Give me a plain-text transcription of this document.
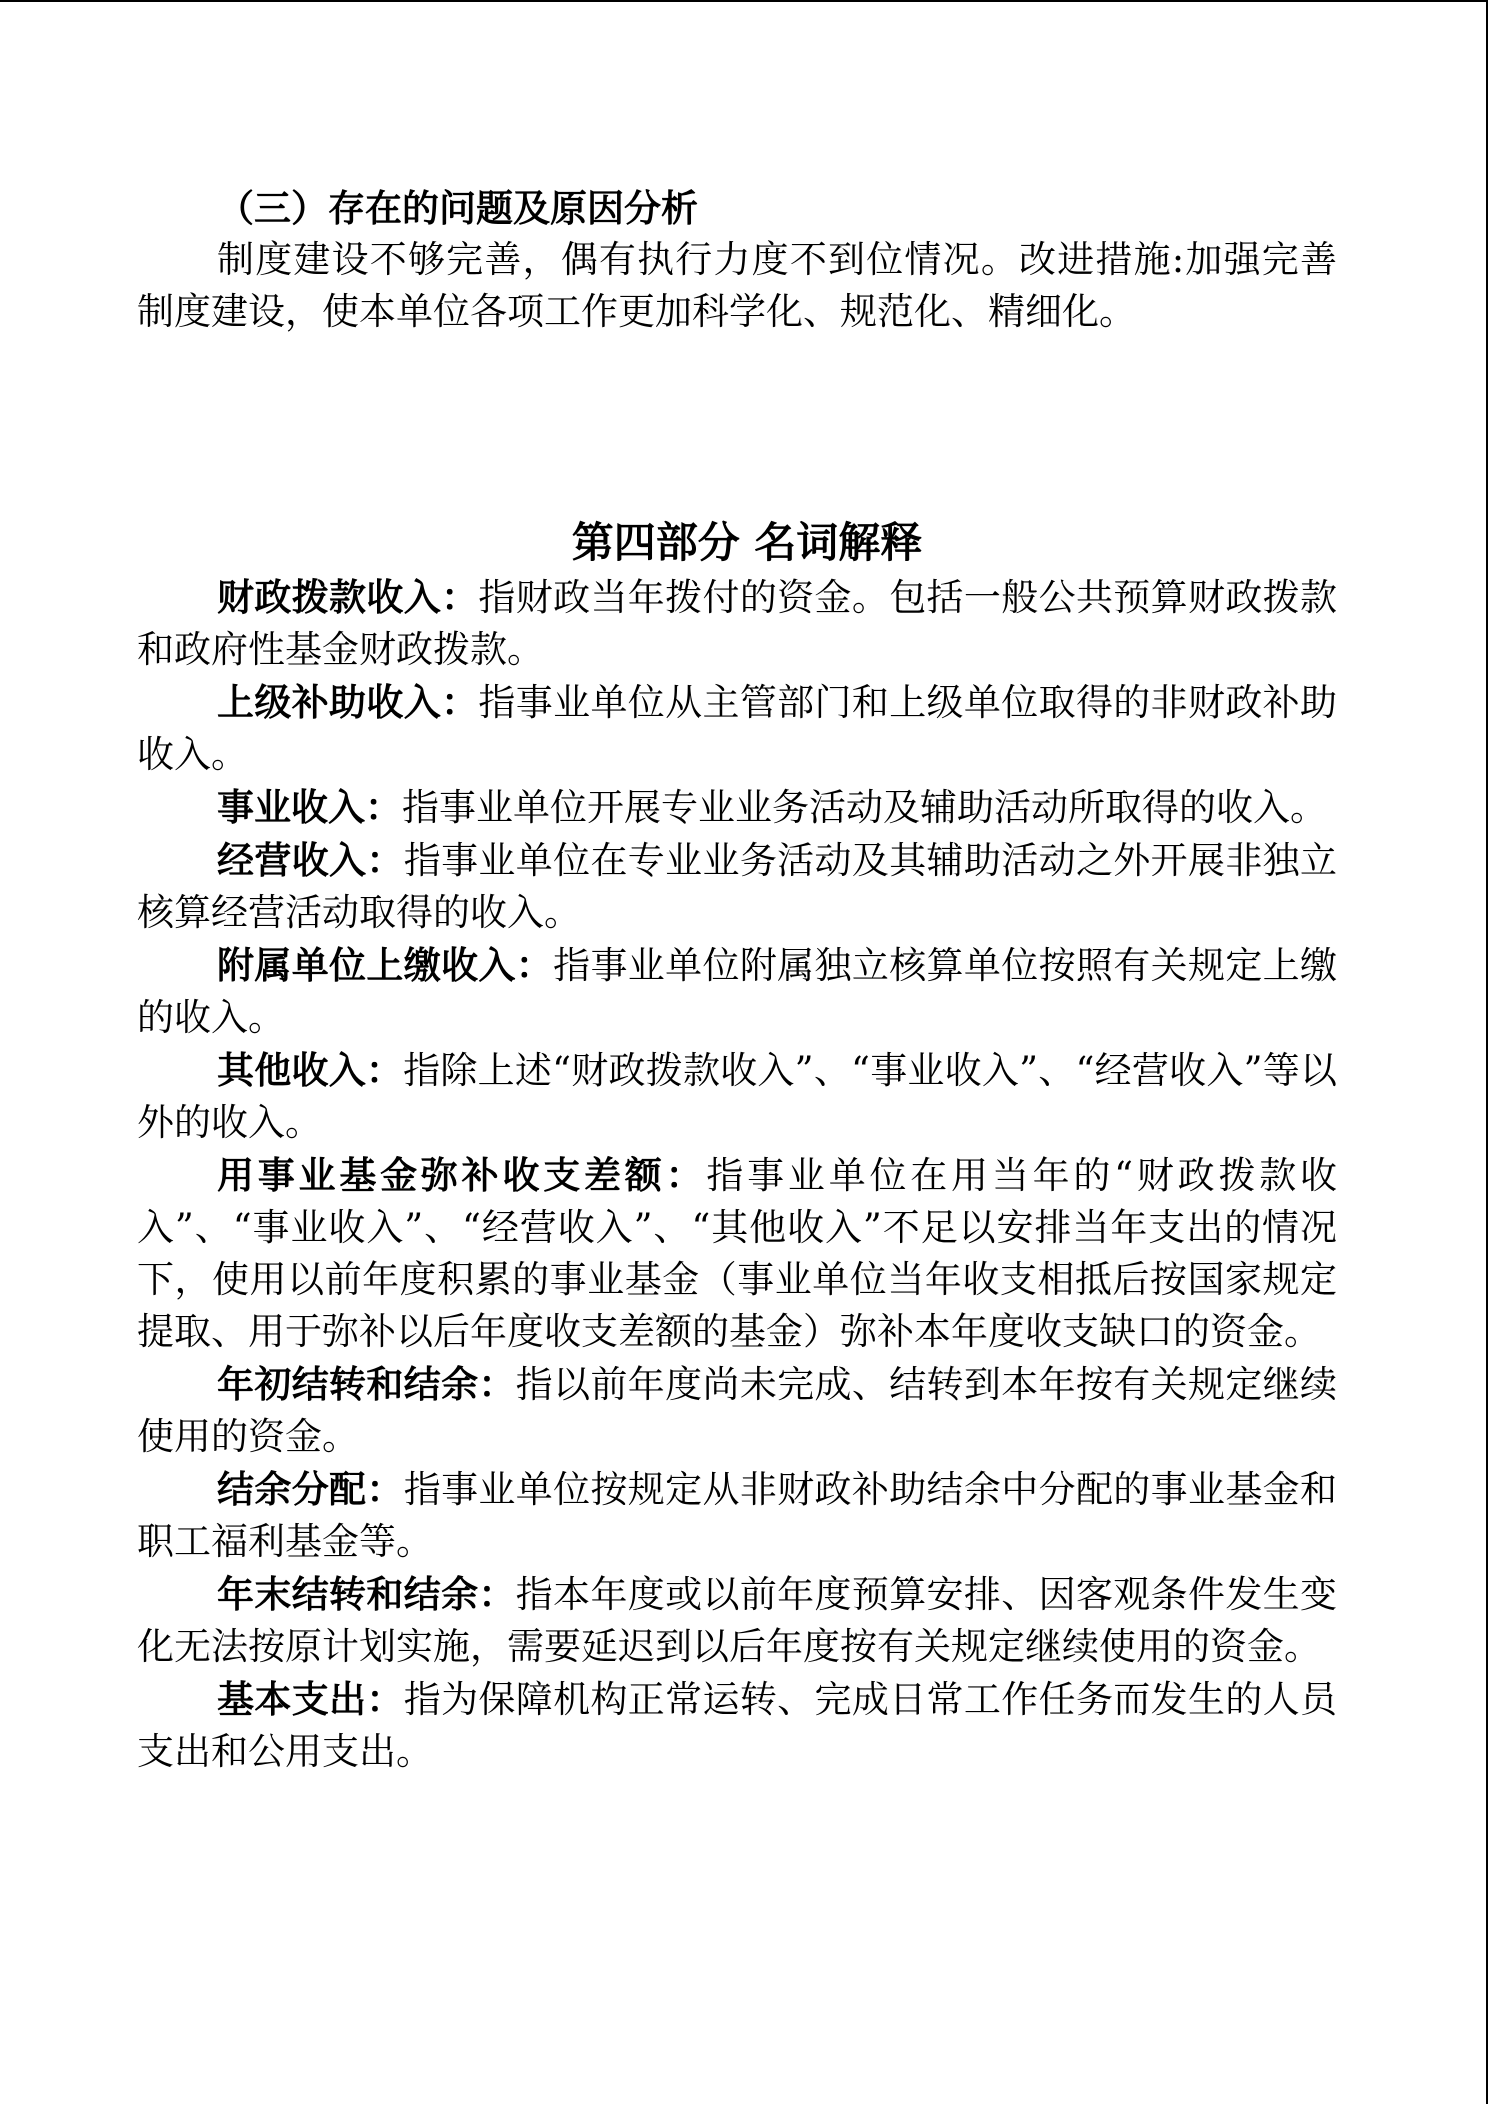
（三）存在的问题及原因分析

制度建设不够完善，偶有执行力度不到位情况。改进措施:加强完善制度建设，使本单位各项工作更加科学化、规范化、精细化。

第四部分 名词解释

财政拨款收入：指财政当年拨付的资金。包括一般公共预算财政拨款和政府性基金财政拨款。

上级补助收入：指事业单位从主管部门和上级单位取得的非财政补助收入。

事业收入：指事业单位开展专业业务活动及辅助活动所取得的收入。

经营收入：指事业单位在专业业务活动及其辅助活动之外开展非独立核算经营活动取得的收入。

附属单位上缴收入：指事业单位附属独立核算单位按照有关规定上缴的收入。

其他收入：指除上述“财政拨款收入”、“事业收入”、“经营收入”等以外的收入。

用事业基金弥补收支差额：指事业单位在用当年的“财政拨款收入”、“事业收入”、“经营收入”、“其他收入”不足以安排当年支出的情况下，使用以前年度积累的事业基金（事业单位当年收支相抵后按国家规定提取、用于弥补以后年度收支差额的基金）弥补本年度收支缺口的资金。

年初结转和结余：指以前年度尚未完成、结转到本年按有关规定继续使用的资金。

结余分配：指事业单位按规定从非财政补助结余中分配的事业基金和职工福利基金等。

年末结转和结余：指本年度或以前年度预算安排、因客观条件发生变化无法按原计划实施，需要延迟到以后年度按有关规定继续使用的资金。

基本支出：指为保障机构正常运转、完成日常工作任务而发生的人员支出和公用支出。
